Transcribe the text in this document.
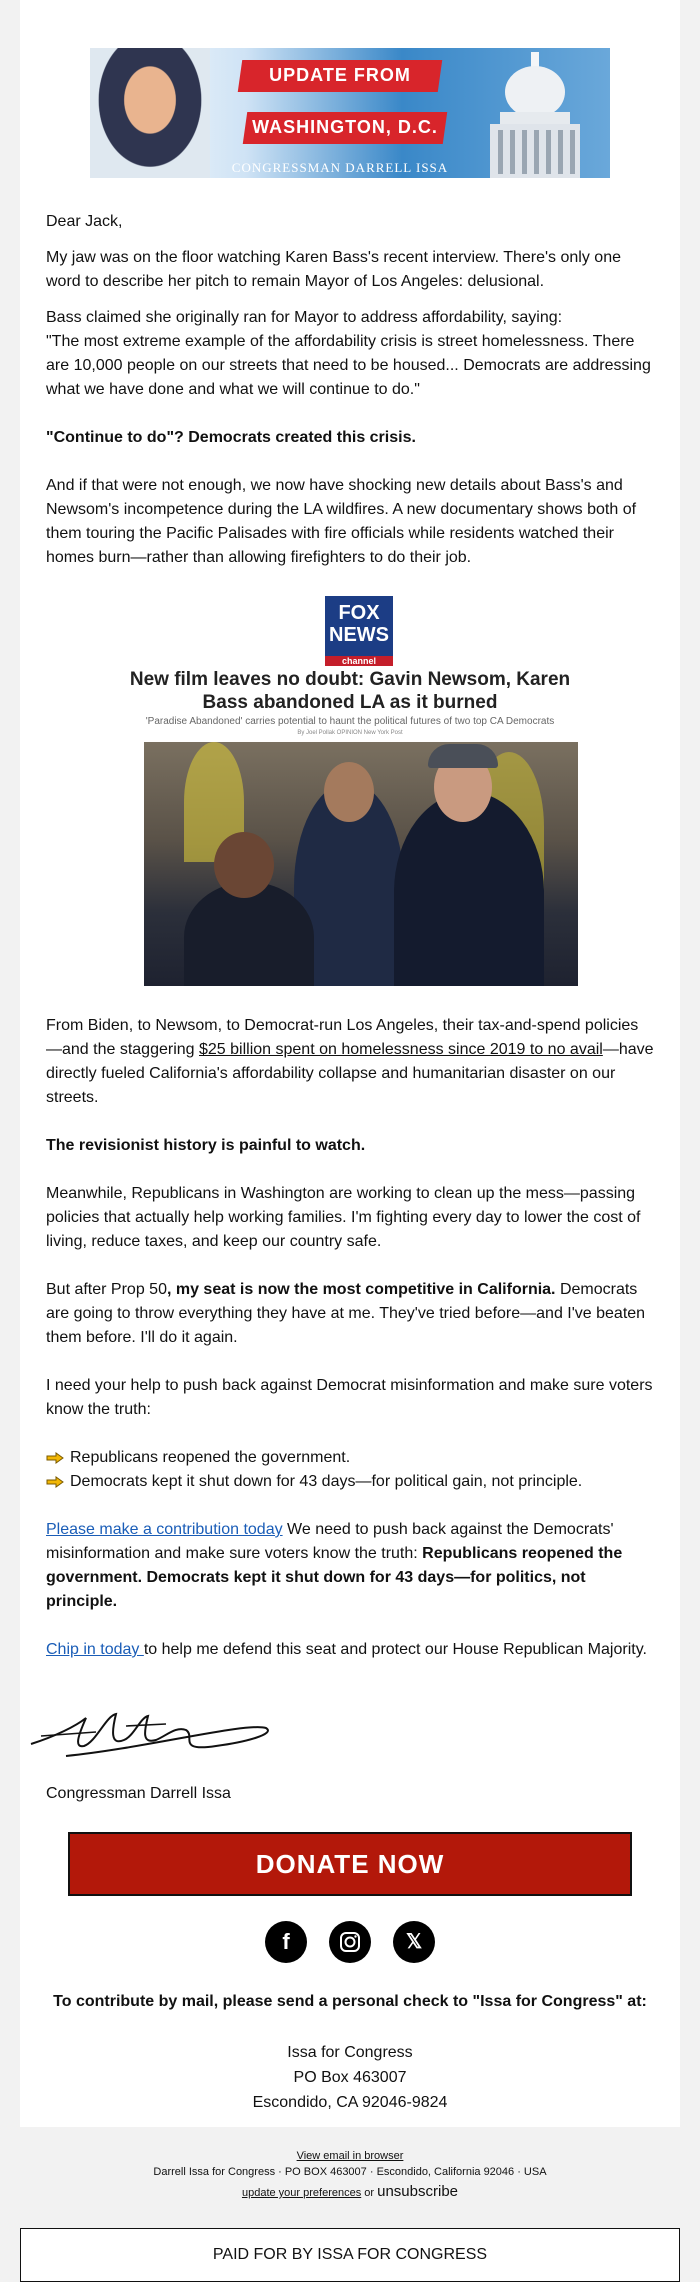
UPDATE FROM
WASHINGTON, D.C.
CONGRESSMAN DARRELL ISSA
Dear Jack,
My jaw was on the floor watching Karen Bass's recent interview. There's only one word to describe her pitch to remain Mayor of Los Angeles: delusional.

Bass claimed she originally ran for Mayor to address affordability, saying:

"The most extreme example of the affordability crisis is street homelessness. There are 10,000 people on our streets that need to be housed... Democrats are addressing what we have done and what we will continue to do."

"Continue to do"? Democrats created this crisis.
And if that were not enough, we now have shocking new details about Bass's and Newsom's incompetence during the LA wildfires. A new documentary shows both of them touring the Pacific Palisades with fire officials while residents watched their homes burn—rather than allowing firefighters to do their job.
FOX
NEWS
channel
New film leaves no doubt: Gavin Newsom, Karen Bass abandoned LA as it burned
'Paradise Abandoned' carries potential to haunt the political futures of two top CA Democrats
By Joel Pollak OPINION New York Post
From Biden, to Newsom, to Democrat-run Los Angeles, their tax-and-spend policies —and the staggering $25 billion spent on homelessness since 2019 to no avail—have directly fueled California's affordability collapse and humanitarian disaster on our streets.
The revisionist history is painful to watch.
Meanwhile, Republicans in Washington are working to clean up the mess—passing policies that actually help working families. I'm fighting every day to lower the cost of living, reduce taxes, and keep our country safe.
But after Prop 50, my seat is now the most competitive in California. Democrats are going to throw everything they have at me. They've tried before—and I've beaten them before. I'll do it again.
I need your help to push back against Democrat misinformation and make sure voters know the truth:
Republicans reopened the government.
Democrats kept it shut down for 43 days—for political gain, not principle.
Please make a contribution today We need to push back against the Democrats' misinformation and make sure voters know the truth: Republicans reopened the government. Democrats kept it shut down for 43 days—for politics, not principle.
Chip in today to help me defend this seat and protect our House Republican Majority.
Congressman Darrell Issa
DONATE NOW
f	𝕏
To contribute by mail, please send a personal check to "Issa for Congress" at:
Issa for Congress
PO Box 463007
Escondido, CA 92046-9824
View email in browser
Darrell Issa for Congress · PO BOX 463007 · Escondido, California 92046 · USA
update your preferences or unsubscribe
PAID FOR BY ISSA FOR CONGRESS
